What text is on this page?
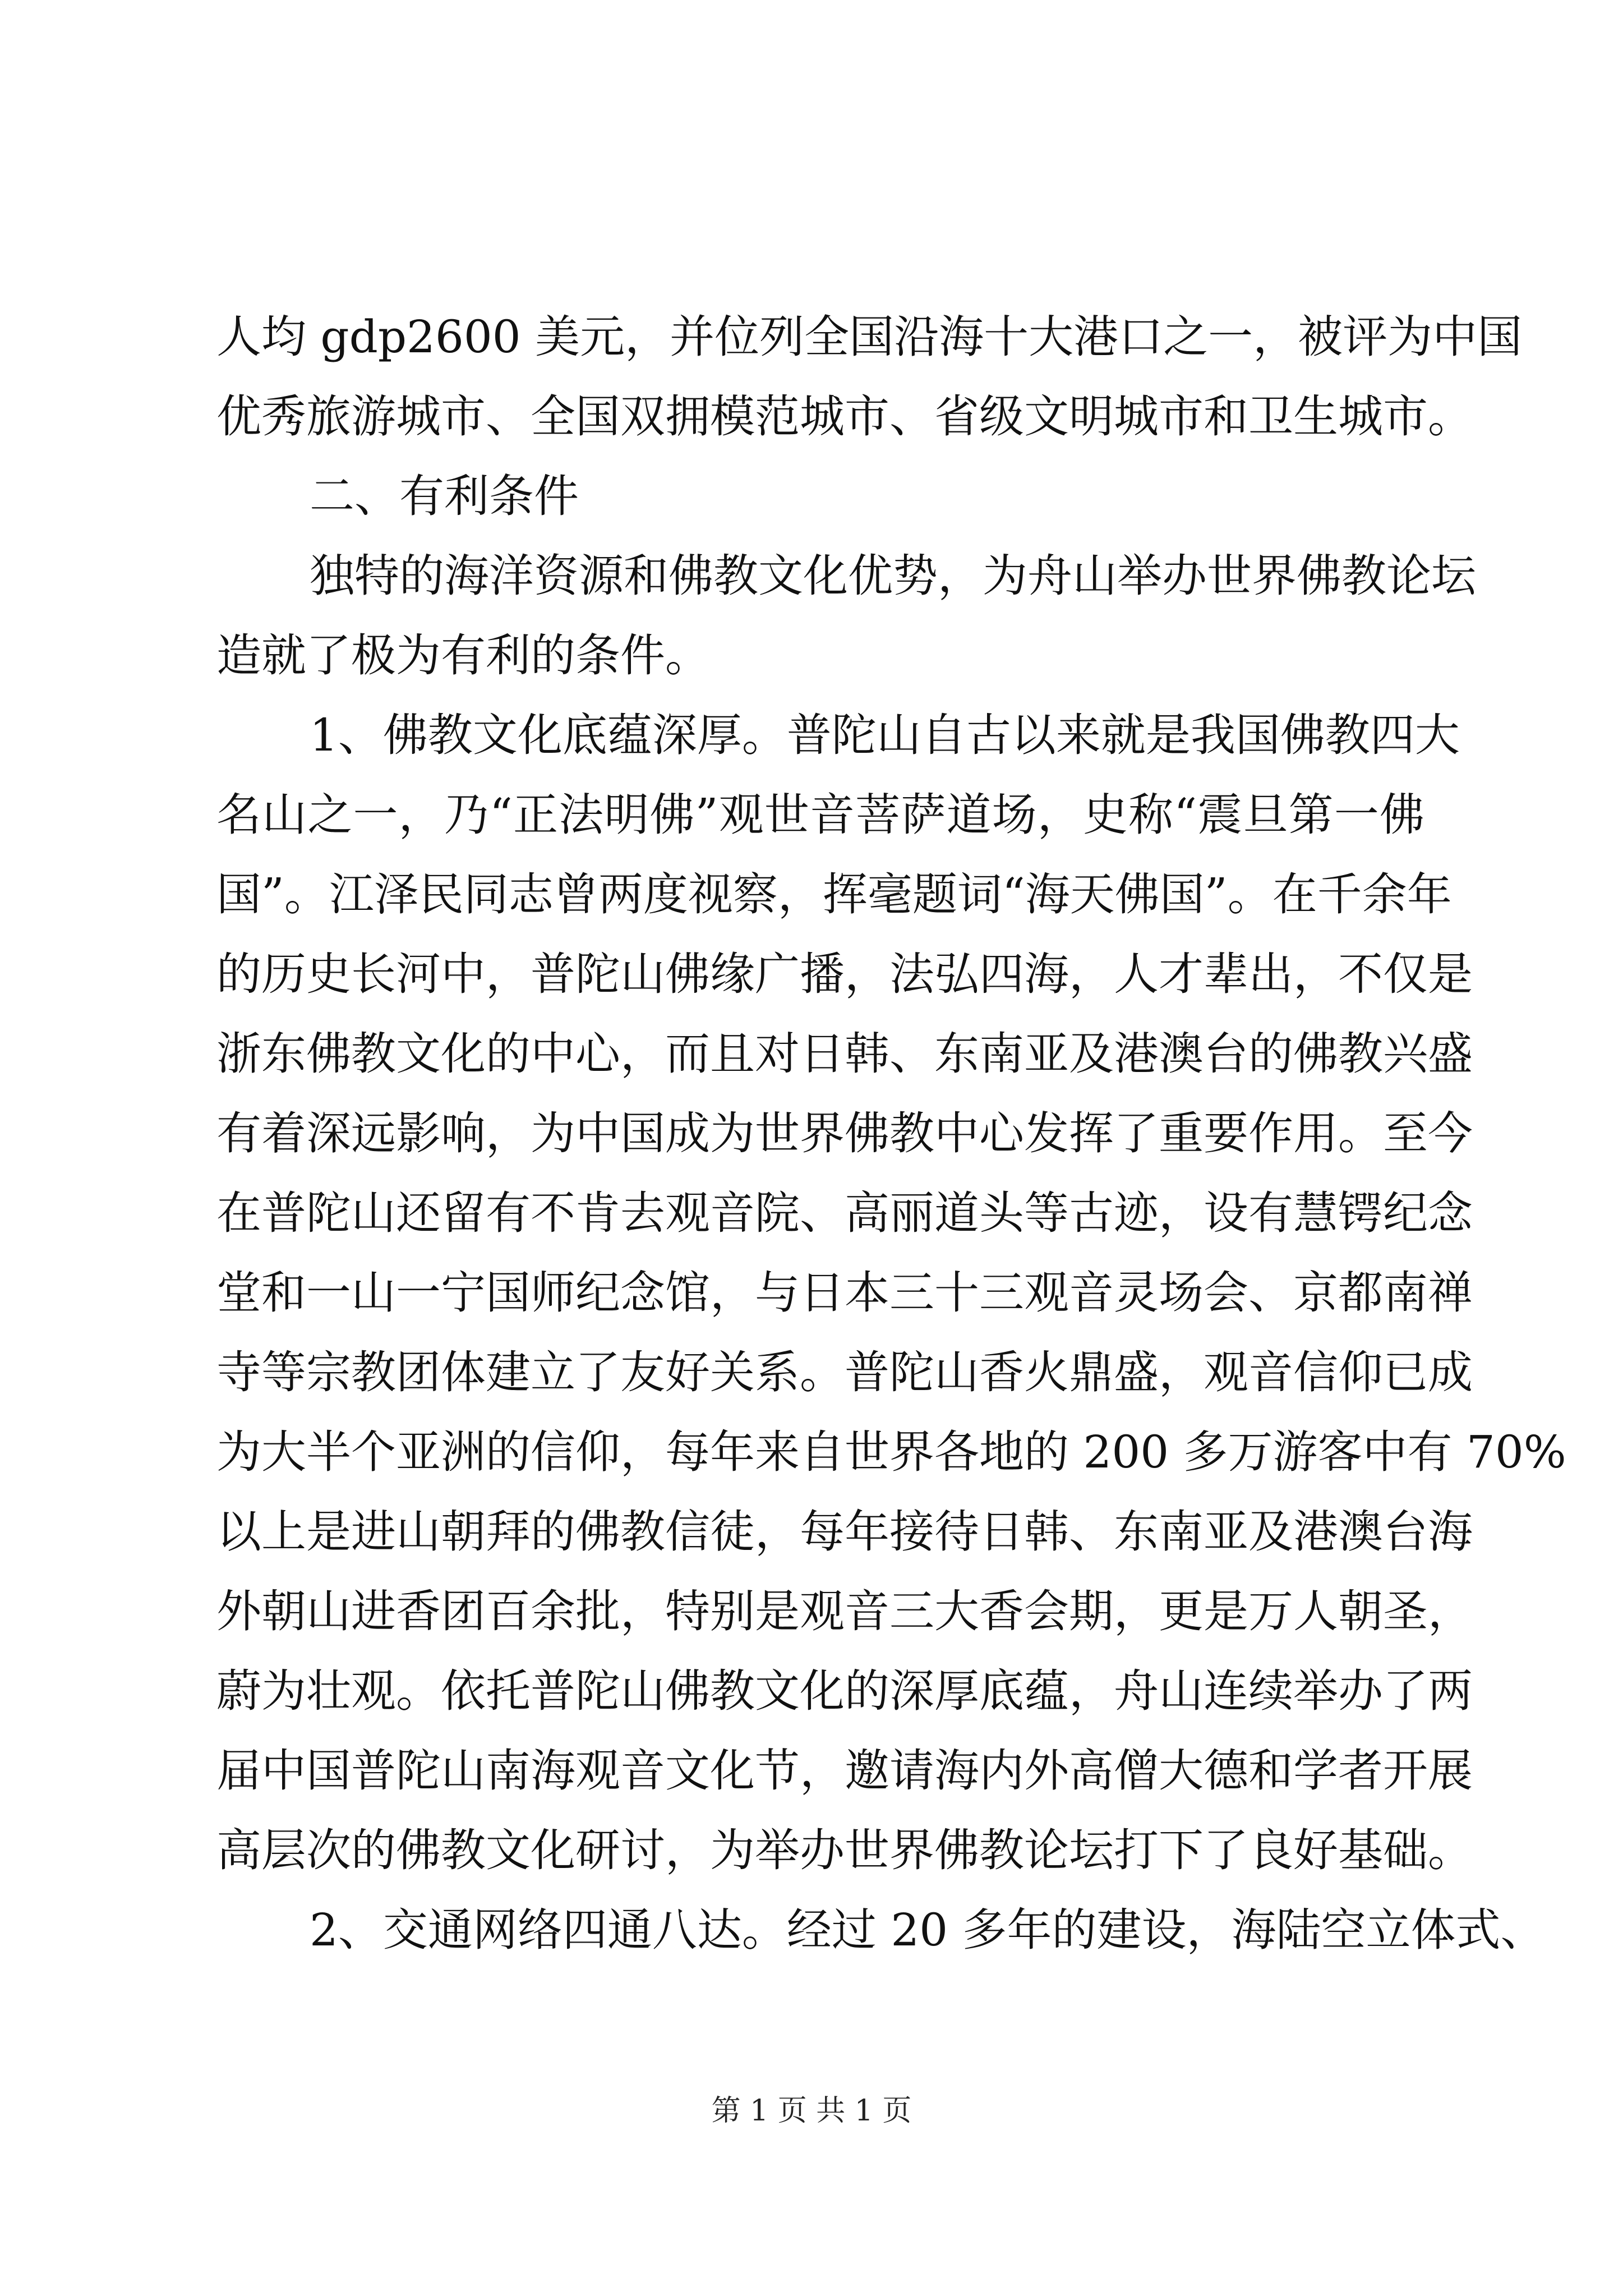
人均 gdp2600 美元，并位列全国沿海十大港口之一，被评为中国
优秀旅游城市、全国双拥模范城市、省级文明城市和卫生城市。
二、有利条件
独特的海洋资源和佛教文化优势，为舟山举办世界佛教论坛
造就了极为有利的条件。
1、佛教文化底蕴深厚。普陀山自古以来就是我国佛教四大
名山之一，乃“正法明佛”观世音菩萨道场，史称“震旦第一佛
国”。江泽民同志曾两度视察，挥毫题词“海天佛国”。在千余年
的历史长河中，普陀山佛缘广播，法弘四海，人才辈出，不仅是
浙东佛教文化的中心，而且对日韩、东南亚及港澳台的佛教兴盛
有着深远影响，为中国成为世界佛教中心发挥了重要作用。至今
在普陀山还留有不肯去观音院、高丽道头等古迹，设有慧锷纪念
堂和一山一宁国师纪念馆，与日本三十三观音灵场会、京都南禅
寺等宗教团体建立了友好关系。普陀山香火鼎盛，观音信仰已成
为大半个亚洲的信仰，每年来自世界各地的 200 多万游客中有 70%
以上是进山朝拜的佛教信徒，每年接待日韩、东南亚及港澳台海
外朝山进香团百余批，特别是观音三大香会期，更是万人朝圣，
蔚为壮观。依托普陀山佛教文化的深厚底蕴，舟山连续举办了两
届中国普陀山南海观音文化节，邀请海内外高僧大德和学者开展
高层次的佛教文化研讨，为举办世界佛教论坛打下了良好基础。
2、交通网络四通八达。经过 20 多年的建设，海陆空立体式、
第 1 页 共 1 页
